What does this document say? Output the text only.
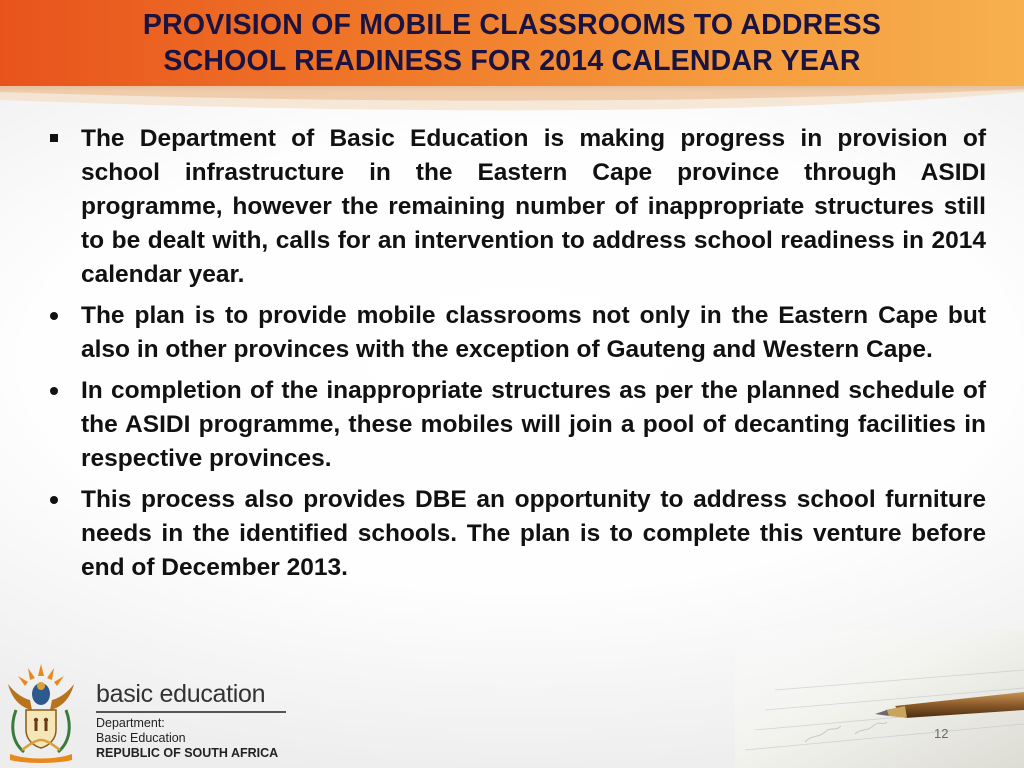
PROVISION OF MOBILE CLASSROOMS TO ADDRESS
SCHOOL READINESS FOR 2014 CALENDAR YEAR
The Department of Basic Education is making progress in provision of school infrastructure in the Eastern Cape province through ASIDI programme, however the remaining number of inappropriate structures still to be dealt with, calls for an intervention to address school readiness in 2014 calendar year.
The plan is to provide mobile classrooms not only in the Eastern Cape but also in other provinces with the exception of Gauteng and Western Cape.
In completion of the inappropriate structures as per the planned schedule of the ASIDI programme, these mobiles will join a pool of decanting facilities in respective provinces.
This process also provides DBE an opportunity to address school furniture needs in the identified schools. The plan is to complete this venture before end of December 2013.
basic education
Department:
Basic Education
REPUBLIC OF SOUTH AFRICA
12
